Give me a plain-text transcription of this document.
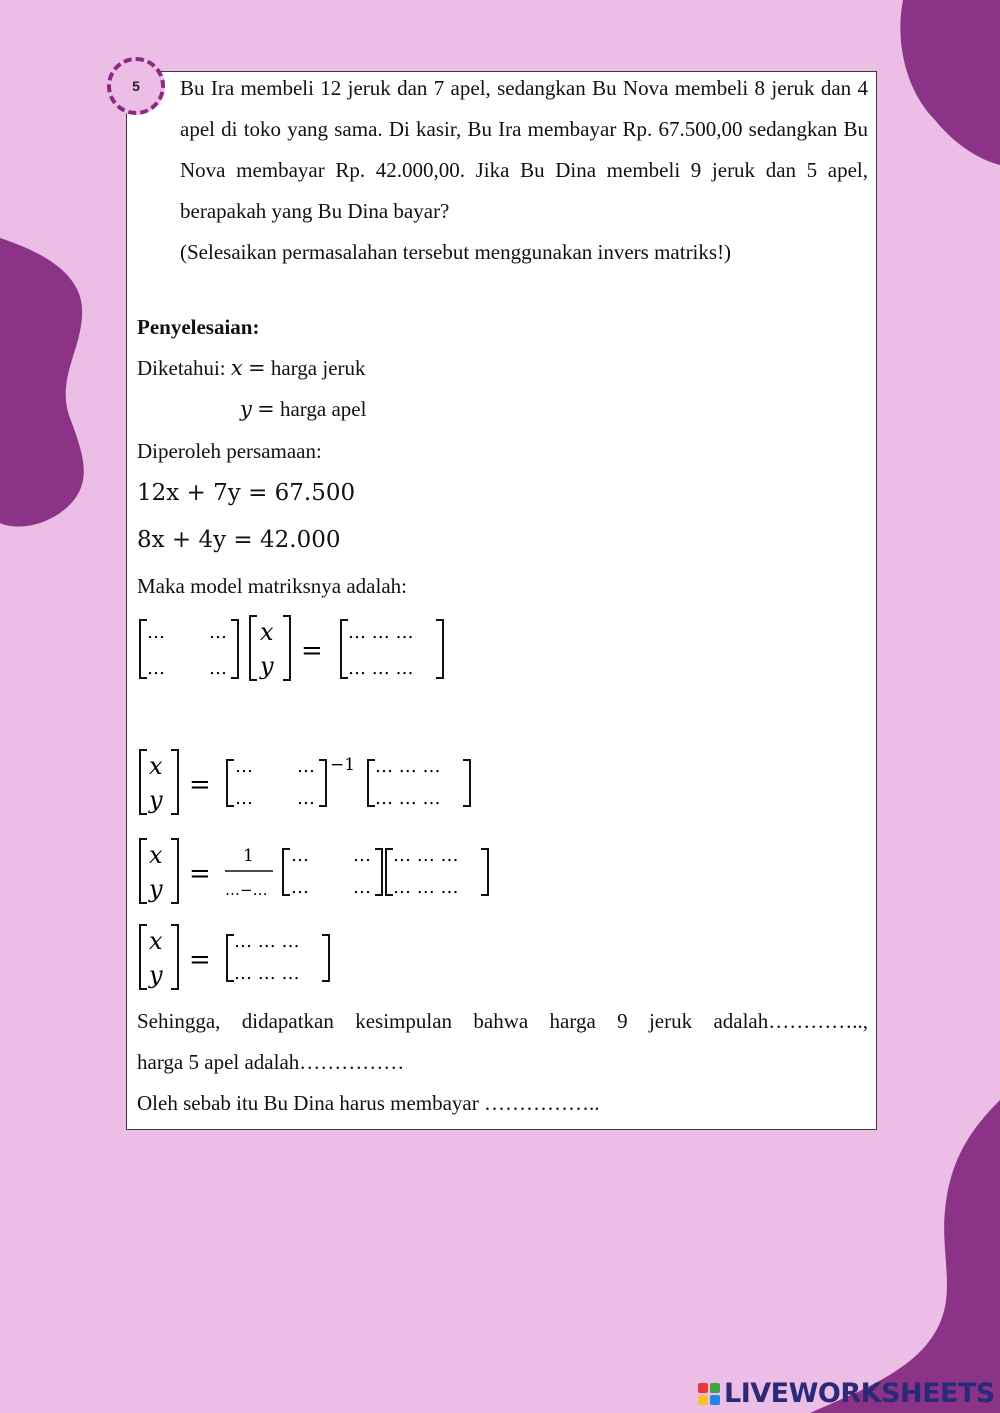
5 Bu Ira membeli 12 jeruk dan 7 apel, sedangkan Bu Nova membeli 8 jeruk dan 4 apel di toko yang sama. Di kasir, Bu Ira membayar Rp. 67.500,00 sedangkan Bu Nova membayar Rp. 42.000,00. Jika Bu Dina membeli 9 jeruk dan 5 apel, berapakah yang Bu Dina bayar?

(Selesaikan permasalahan tersebut menggunakan invers matriks!)

Penyelesaian:
Diketahui: x = harga jeruk
y = harga apel
Diperoleh persamaan:
12x + 7y = 67.500
8x + 4y = 42.000
Maka model matriksnya adalah:
… …
… …
x
y =
… … …
… … …
x
y =
… …
… …
−1 … … …
… … …
x
y =
1
…−…
… …
… …
… … …
… … …
x
y =
… … …
… … …
Sehingga, didapatkan kesimpulan bahwa harga 9 jeruk adalah…………..,
harga 5 apel adalah……………
Oleh sebab itu Bu Dina harus membayar ……………..
LIVEWORKSHEETS
